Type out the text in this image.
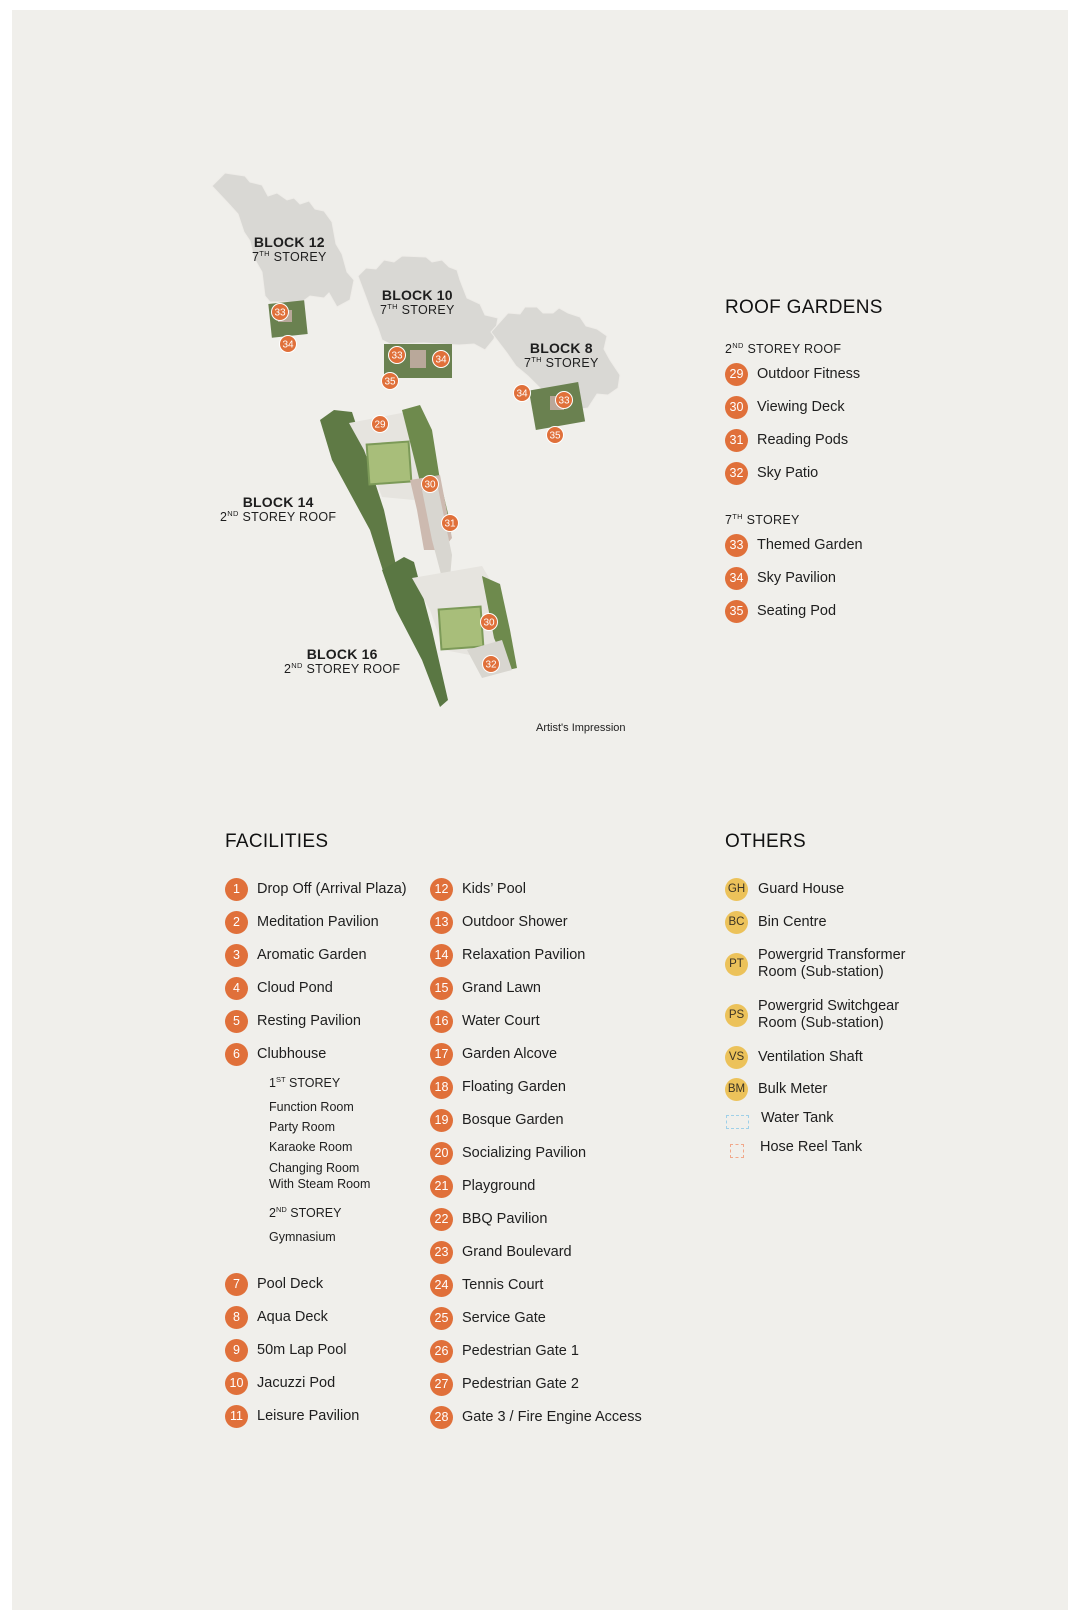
33
34
33	34
35
34
33
35
29
30
31
30
32
BLOCK 12
7TH STOREY
BLOCK 10
7TH STOREY
BLOCK 8
7TH STOREY
BLOCK 14
2ND STOREY ROOF
BLOCK 16
2ND STOREY ROOF
Artist's Impression
ROOF GARDENS
2ND STOREY ROOF
29 Outdoor Fitness
30 Viewing Deck
31 Reading Pods
32 Sky Patio
7TH STOREY
33 Themed Garden
34 Sky Pavilion
35 Seating Pod
FACILITIES
1	Drop Off (Arrival Plaza)
2	Meditation Pavilion
3	Aromatic Garden
4	Cloud Pond
5	Resting Pavilion
6	Clubhouse
1ST STOREY
Function Room
Party Room
Karaoke Room
Changing Room
With Steam Room
2ND STOREY
Gymnasium
7	Pool Deck
8	Aqua Deck
9	50m Lap Pool
10 Jacuzzi Pod
11 Leisure Pavilion
12 Kids’ Pool
13 Outdoor Shower
14 Relaxation Pavilion
15 Grand Lawn
16 Water Court
17 Garden Alcove
18 Floating Garden
19 Bosque Garden
20 Socializing Pavilion
21 Playground
22 BBQ Pavilion
23 Grand Boulevard
24 Tennis Court
25 Service Gate
26 Pedestrian Gate 1
27 Pedestrian Gate 2
28 Gate 3 / Fire Engine Access
OTHERS
GH Guard House
BC Bin Centre
PT
Powergrid Transformer
Room (Sub-station)
PS
Powergrid Switchgear
Room (Sub-station)
VS Ventilation Shaft
BM Bulk Meter
Water Tank
Hose Reel Tank
